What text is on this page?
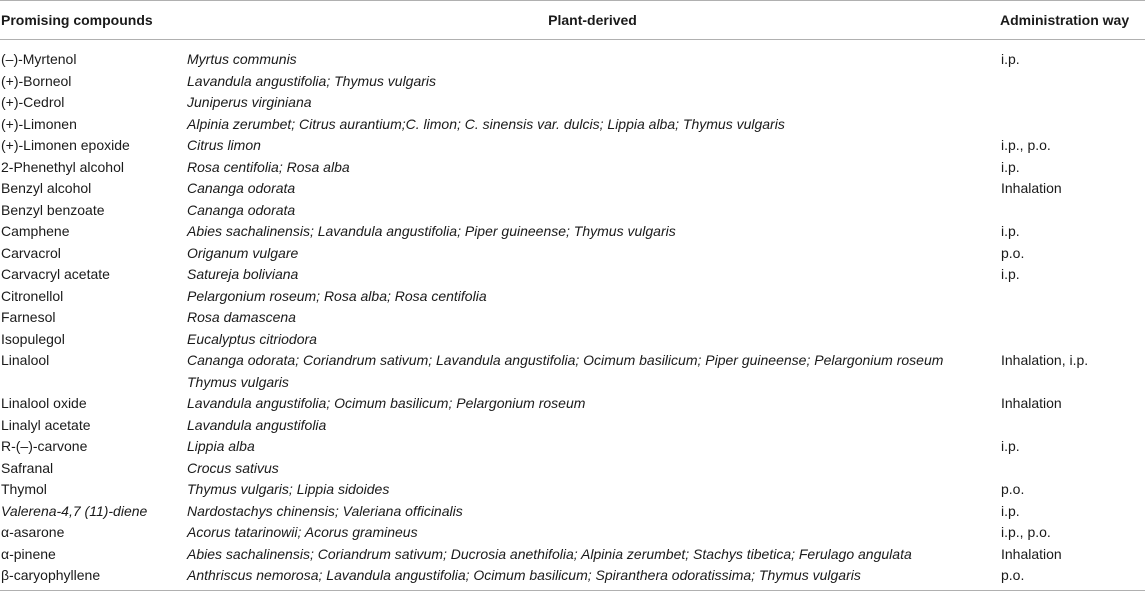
Promising compounds	Plant-derived	Administration way
(–)-Myrtenol	Myrtus communis	i.p.
(+)-Borneol	Lavandula angustifolia; Thymus vulgaris	
(+)-Cedrol	Juniperus virginiana	
(+)-Limonen	Alpinia zerumbet; Citrus aurantium;C. limon; C. sinensis var. dulcis; Lippia alba; Thymus vulgaris	
(+)-Limonen epoxide	Citrus limon	i.p., p.o.
2-Phenethyl alcohol	Rosa centifolia; Rosa alba	i.p.
Benzyl alcohol	Cananga odorata	Inhalation
Benzyl benzoate	Cananga odorata	
Camphene	Abies sachalinensis; Lavandula angustifolia; Piper guineense; Thymus vulgaris	i.p.
Carvacrol	Origanum vulgare	p.o.
Carvacryl acetate	Satureja boliviana	i.p.
Citronellol	Pelargonium roseum; Rosa alba; Rosa centifolia	
Farnesol	Rosa damascena	
Isopulegol	Eucalyptus citriodora	
Linalool	Cananga odorata; Coriandrum sativum; Lavandula angustifolia; Ocimum basilicum; Piper guineense; Pelargonium roseum Thymus vulgaris	Inhalation, i.p.
Linalool oxide	Lavandula angustifolia; Ocimum basilicum; Pelargonium roseum	Inhalation
Linalyl acetate	Lavandula angustifolia	
R-(–)-carvone	Lippia alba	i.p.
Safranal	Crocus sativus	
Thymol	Thymus vulgaris; Lippia sidoides	p.o.
Valerena-4,7 (11)-diene	Nardostachys chinensis; Valeriana officinalis	i.p.
α-asarone	Acorus tatarinowii; Acorus gramineus	i.p., p.o.
α-pinene	Abies sachalinensis; Coriandrum sativum; Ducrosia anethifolia; Alpinia zerumbet; Stachys tibetica; Ferulago angulata	Inhalation
β-caryophyllene	Anthriscus nemorosa; Lavandula angustifolia; Ocimum basilicum; Spiranthera odoratissima; Thymus vulgaris	p.o.
